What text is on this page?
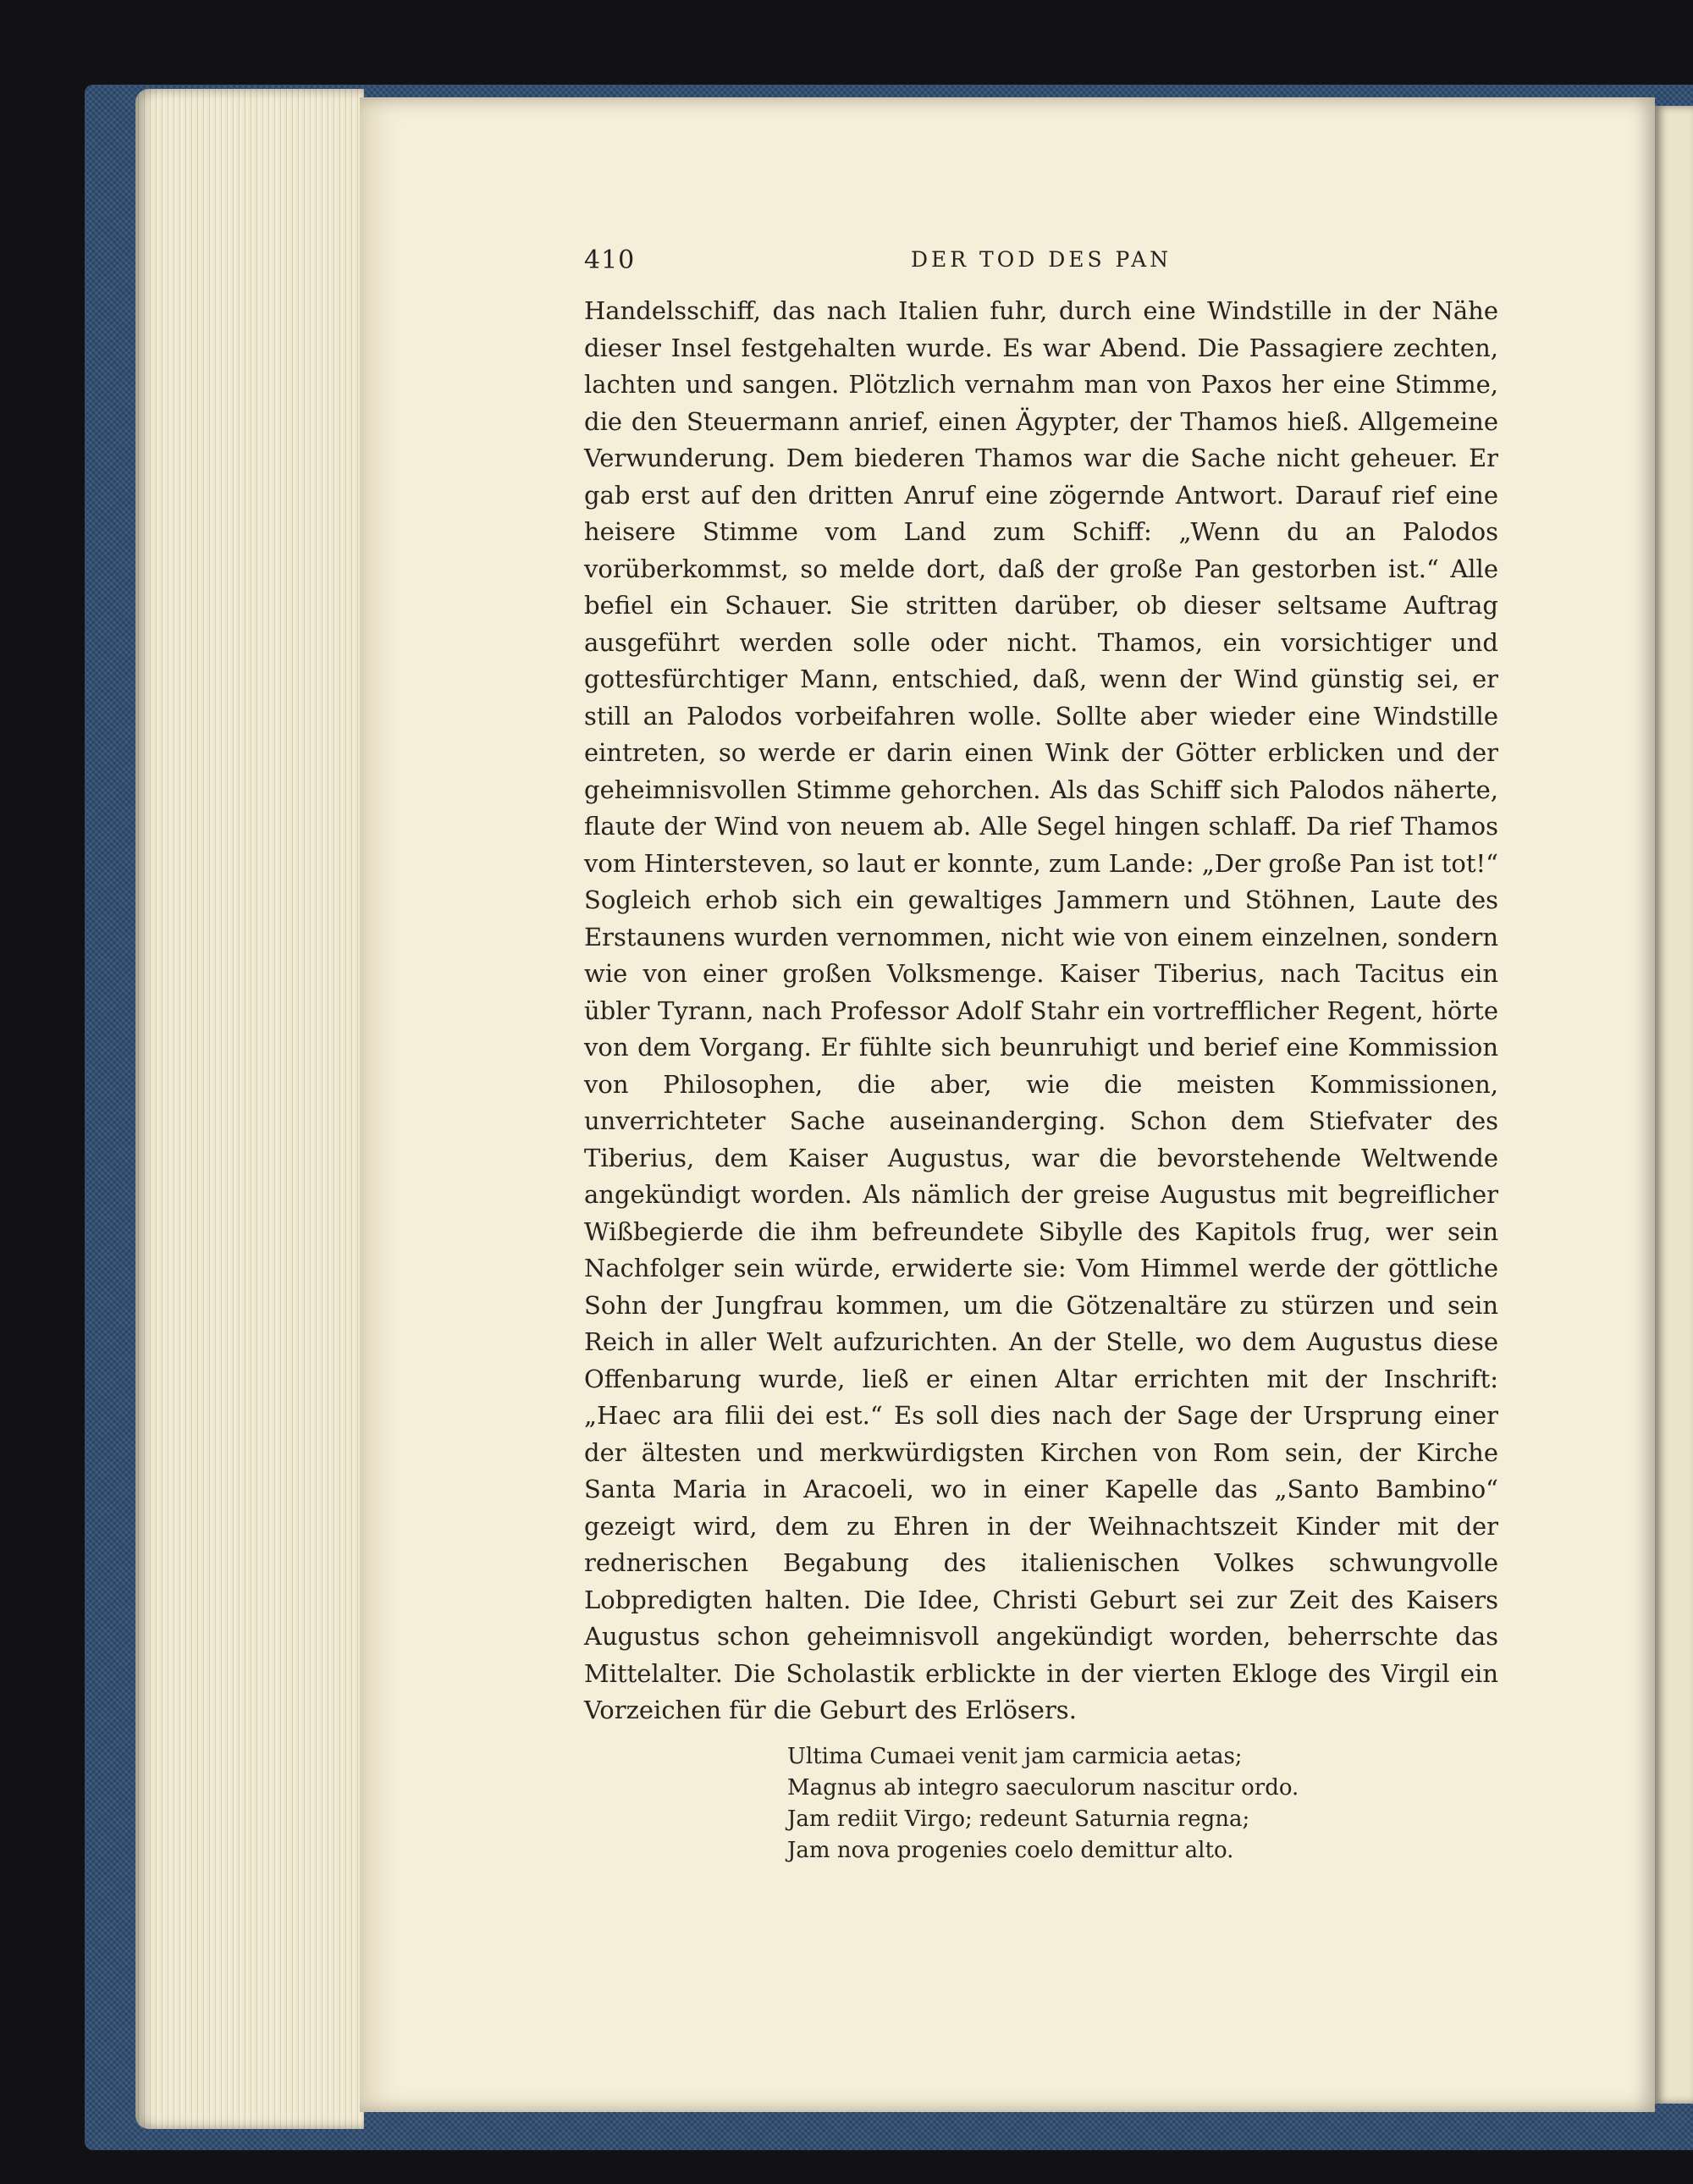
410	DER TOD DES PAN

Handelsschiff, das nach Italien fuhr, durch eine Windstille in der Nähe dieser Insel festgehalten wurde. Es war Abend. Die Passagiere zechten, lachten und sangen. Plötzlich vernahm man von Paxos her eine Stimme, die den Steuermann anrief, einen Ägypter, der Thamos hieß. Allgemeine Verwunderung. Dem biederen Thamos war die Sache nicht geheuer. Er gab erst auf den dritten Anruf eine zögernde Antwort. Darauf rief eine heisere Stimme vom Land zum Schiff: „Wenn du an Palodos vorüberkommst, so melde dort, daß der große Pan gestorben ist.“ Alle befiel ein Schauer. Sie stritten darüber, ob dieser seltsame Auftrag ausgeführt werden solle oder nicht. Thamos, ein vorsichtiger und gottesfürchtiger Mann, entschied, daß, wenn der Wind günstig sei, er still an Palodos vorbeifahren wolle. Sollte aber wieder eine Windstille eintreten, so werde er darin einen Wink der Götter erblicken und der geheimnisvollen Stimme gehorchen. Als das Schiff sich Palodos näherte, flaute der Wind von neuem ab. Alle Segel hingen schlaff. Da rief Thamos vom Hintersteven, so laut er konnte, zum Lande: „Der große Pan ist tot!“ Sogleich erhob sich ein gewaltiges Jammern und Stöhnen, Laute des Erstaunens wurden vernommen, nicht wie von einem einzelnen, sondern wie von einer großen Volksmenge. Kaiser Tiberius, nach Tacitus ein übler Tyrann, nach Professor Adolf Stahr ein vortrefflicher Regent, hörte von dem Vorgang. Er fühlte sich beunruhigt und berief eine Kommission von Philosophen, die aber, wie die meisten Kommissionen, unverrichteter Sache auseinanderging. Schon dem Stiefvater des Tiberius, dem Kaiser Augustus, war die bevorstehende Weltwende angekündigt worden. Als nämlich der greise Augustus mit begreiflicher Wißbegierde die ihm befreundete Sibylle des Kapitols frug, wer sein Nachfolger sein würde, erwiderte sie: Vom Himmel werde der göttliche Sohn der Jungfrau kommen, um die Götzenaltäre zu stürzen und sein Reich in aller Welt aufzurichten. An der Stelle, wo dem Augustus diese Offenbarung wurde, ließ er einen Altar errichten mit der Inschrift: „Haec ara filii dei est.“ Es soll dies nach der Sage der Ursprung einer der ältesten und merkwürdigsten Kirchen von Rom sein, der Kirche Santa Maria in Aracoeli, wo in einer Kapelle das „Santo Bambino“ gezeigt wird, dem zu Ehren in der Weihnachtszeit Kinder mit der rednerischen Begabung des italienischen Volkes schwungvolle Lobpredigten halten. Die Idee, Christi Geburt sei zur Zeit des Kaisers Augustus schon geheimnisvoll angekündigt worden, beherrschte das Mittelalter. Die Scholastik erblickte in der vierten Ekloge des Virgil ein Vorzeichen für die Geburt des Erlösers.

Ultima Cumaei venit jam carmicia aetas;
Magnus ab integro saeculorum nascitur ordo.
Jam rediit Virgo; redeunt Saturnia regna;
Jam nova progenies coelo demittur alto.
